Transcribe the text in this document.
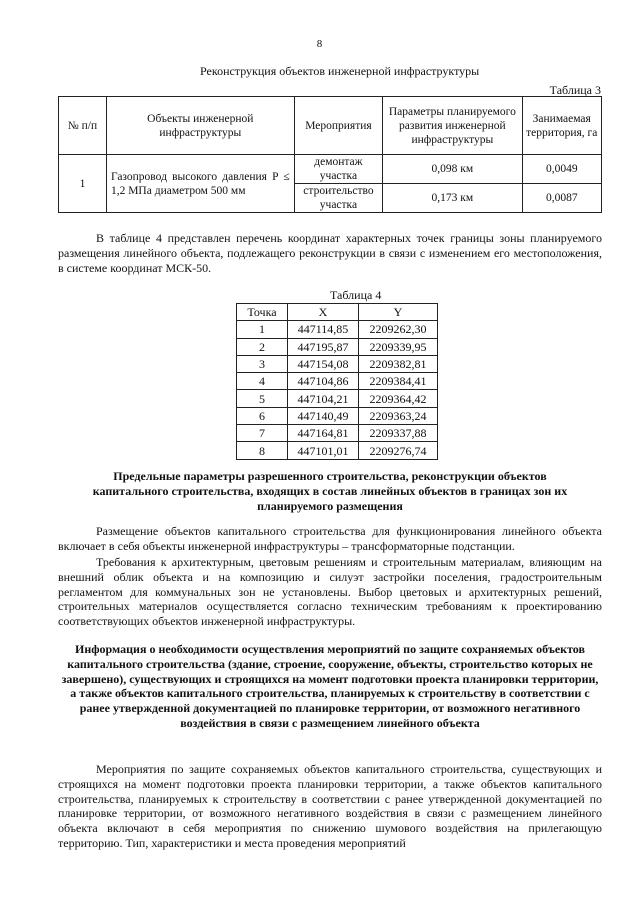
8
Реконструкция объектов инженерной инфраструктуры
Таблица 3
№ п/п	Объекты инженерной инфраструктуры	Мероприятия	Параметры планируемого развития инженерной инфраструктуры	Занимаемая территория, га
1	Газопровод высокого давления P ≤ 1,2 МПа диаметром 500 мм	демонтаж участка	0,098 км	0,0049
		строительство участка	0,173 км	0,0087
В таблице 4 представлен перечень координат характерных точек границы зоны планируемого размещения линейного объекта, подлежащего реконструкции в связи с изменением его местоположения, в системе координат МСК-50.
Таблица 4
Точка	X	Y
1	447114,85	2209262,30
2	447195,87	2209339,95
3	447154,08	2209382,81
4	447104,86	2209384,41
5	447104,21	2209364,42
6	447140,49	2209363,24
7	447164,81	2209337,88
8	447101,01	2209276,74
Предельные параметры разрешенного строительства, реконструкции объектов капитального строительства, входящих в состав линейных объектов в границах зон их планируемого размещения
Размещение объектов капитального строительства для функционирования линейного объекта включает в себя объекты инженерной инфраструктуры – трансформаторные подстанции.
Требования к архитектурным, цветовым решениям и строительным материалам, влияющим на внешний облик объекта и на композицию и силуэт застройки поселения, градостроительным регламентом для коммунальных зон не установлены. Выбор цветовых и архитектурных решений, строительных материалов осуществляется согласно техническим требованиям к проектированию соответствующих объектов инженерной инфраструктуры.
Информация о необходимости осуществления мероприятий по защите сохраняемых объектов капитального строительства (здание, строение, сооружение, объекты, строительство которых не завершено), существующих и строящихся на момент подготовки проекта планировки территории, а также объектов капитального строительства, планируемых к строительству в соответствии с ранее утвержденной документацией по планировке территории, от возможного негативного воздействия в связи с размещением линейного объекта
Мероприятия по защите сохраняемых объектов капитального строительства, существующих и строящихся на момент подготовки проекта планировки территории, а также объектов капитального строительства, планируемых к строительству в соответствии с ранее утвержденной документацией по планировке территории, от возможного негативного воздействия в связи с размещением линейного объекта включают в себя мероприятия по снижению шумового воздействия на прилегающую территорию. Тип, характеристики и места проведения мероприятий
